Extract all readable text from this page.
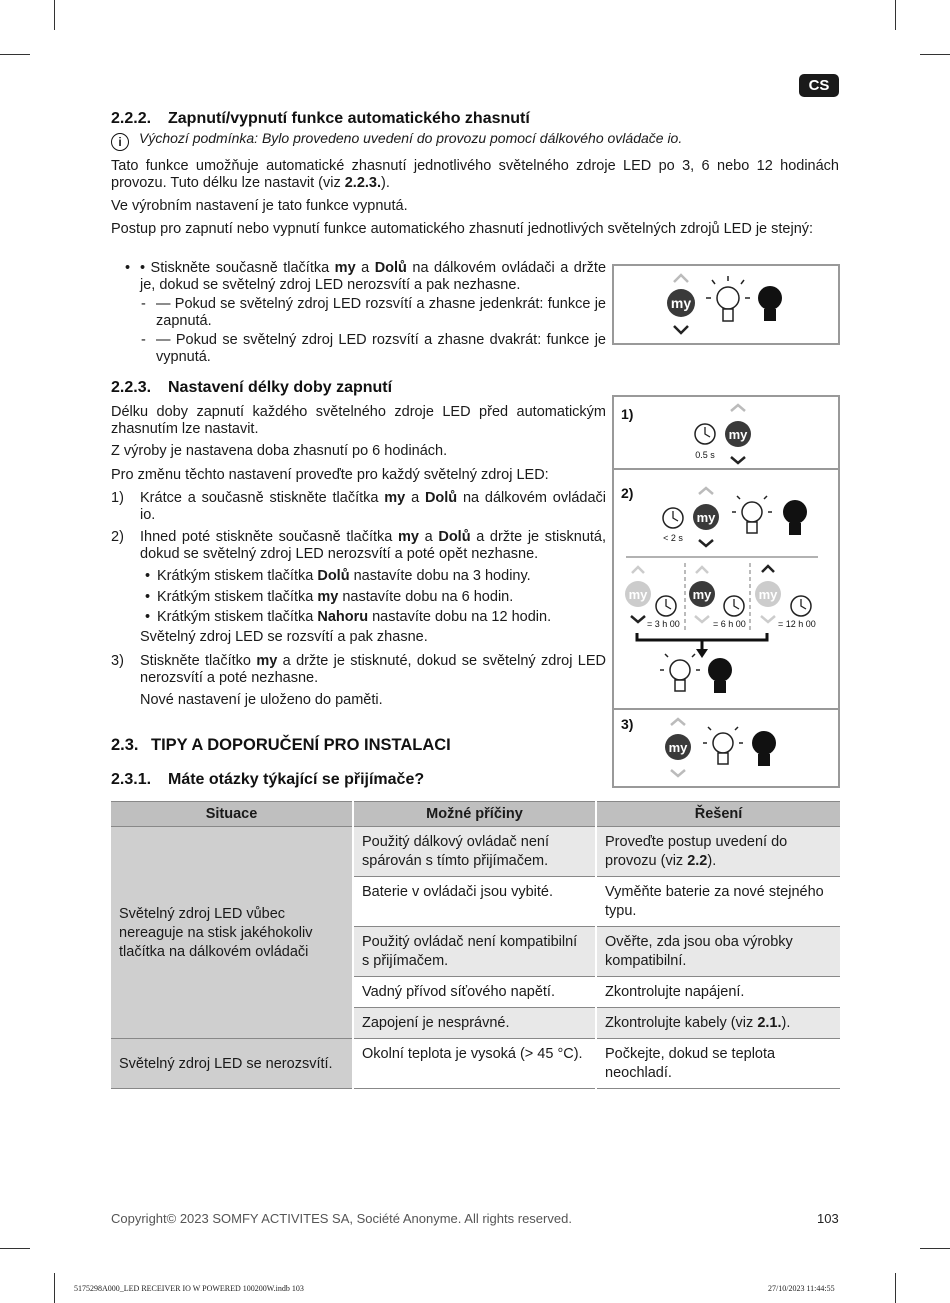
CS
2.2.2. Zapnutí/vypnutí funkce automatického zhasnutí
i Výchozí podmínka: Bylo provedeno uvedení do provozu pomocí dálkového ovládače io.

Tato funkce umožňuje automatické zhasnutí jednotlivého světelného zdroje LED po 3, 6 nebo 12 hodinách provozu. Tuto délku lze nastavit (viz 2.2.3.).

Ve výrobním nastavení je tato funkce vypnutá.

Postup pro zapnutí nebo vypnutí funkce automatického zhasnutí jednotlivých světelných zdrojů LED je stejný:

• • Stiskněte současně tlačítka my a Dolů na dálkovém ovládači a držte je, dokud se světelný zdroj LED nerozsvítí a pak nezhasne.
- — Pokud se světelný zdroj LED rozsvítí a zhasne jedenkrát: funkce je zapnutá.
- — Pokud se světelný zdroj LED rozsvítí a zhasne dvakrát: funkce je vypnutá.
my
2.2.3. Nastavení délky doby zapnutí
Délku doby zapnutí každého světelného zdroje LED před automatickým zhasnutím lze nastavit.
Z výroby je nastavena doba zhasnutí po 6 hodinách.
Pro změnu těchto nastavení proveďte pro každý světelný zdroj LED:
1) Krátce a současně stiskněte tlačítka my a Dolů na dálkovém ovládači io.
2) Ihned poté stiskněte současně tlačítka my a Dolů a držte je stisknutá, dokud se světelný zdroj LED nerozsvítí a poté opět nezhasne.
• Krátkým stiskem tlačítka Dolů nastavíte dobu na 3 hodiny.
• Krátkým stiskem tlačítka my nastavíte dobu na 6 hodin.
• Krátkým stiskem tlačítka Nahoru nastavíte dobu na 12 hodin.
Světelný zdroj LED se rozsvítí a pak zhasne.
3) Stiskněte tlačítko my a držte je stisknuté, dokud se světelný zdroj LED nerozsvítí a poté nezhasne.
Nové nastavení je uloženo do paměti.
1)
0.5 s
my
2)
< 2 s
my
my
= 3 h 00
my
= 6 h 00
my
= 12 h 00
3)
my
2.3. TIPY A DOPORUČENÍ PRO INSTALACI
2.3.1. Máte otázky týkající se přijímače?
Situace	Možné příčiny	Řešení
Světelný zdroj LED vůbec nereaguje na stisk jakéhokoliv tlačítka na dálkovém ovládači	Použitý dálkový ovládač není spárován s tímto přijímačem.	Proveďte postup uvedení do provozu (viz 2.2).
	Baterie v ovládači jsou vybité.	Vyměňte baterie za nové stejného typu.
	Použitý ovládač není kompatibilní s přijímačem.	Ověřte, zda jsou oba výrobky kompatibilní.
	Vadný přívod síťového napětí.	Zkontrolujte napájení.
	Zapojení je nesprávné.	Zkontrolujte kabely (viz 2.1.).
Světelný zdroj LED se nerozsvítí.	Okolní teplota je vysoká (> 45 °C).	Počkejte, dokud se teplota neochladí.
Copyright© 2023 SOMFY ACTIVITES SA, Société Anonyme. All rights reserved.	103
5175298A000_LED RECEIVER IO W POWERED 100200W.indb 103	27/10/2023 11:44:55
